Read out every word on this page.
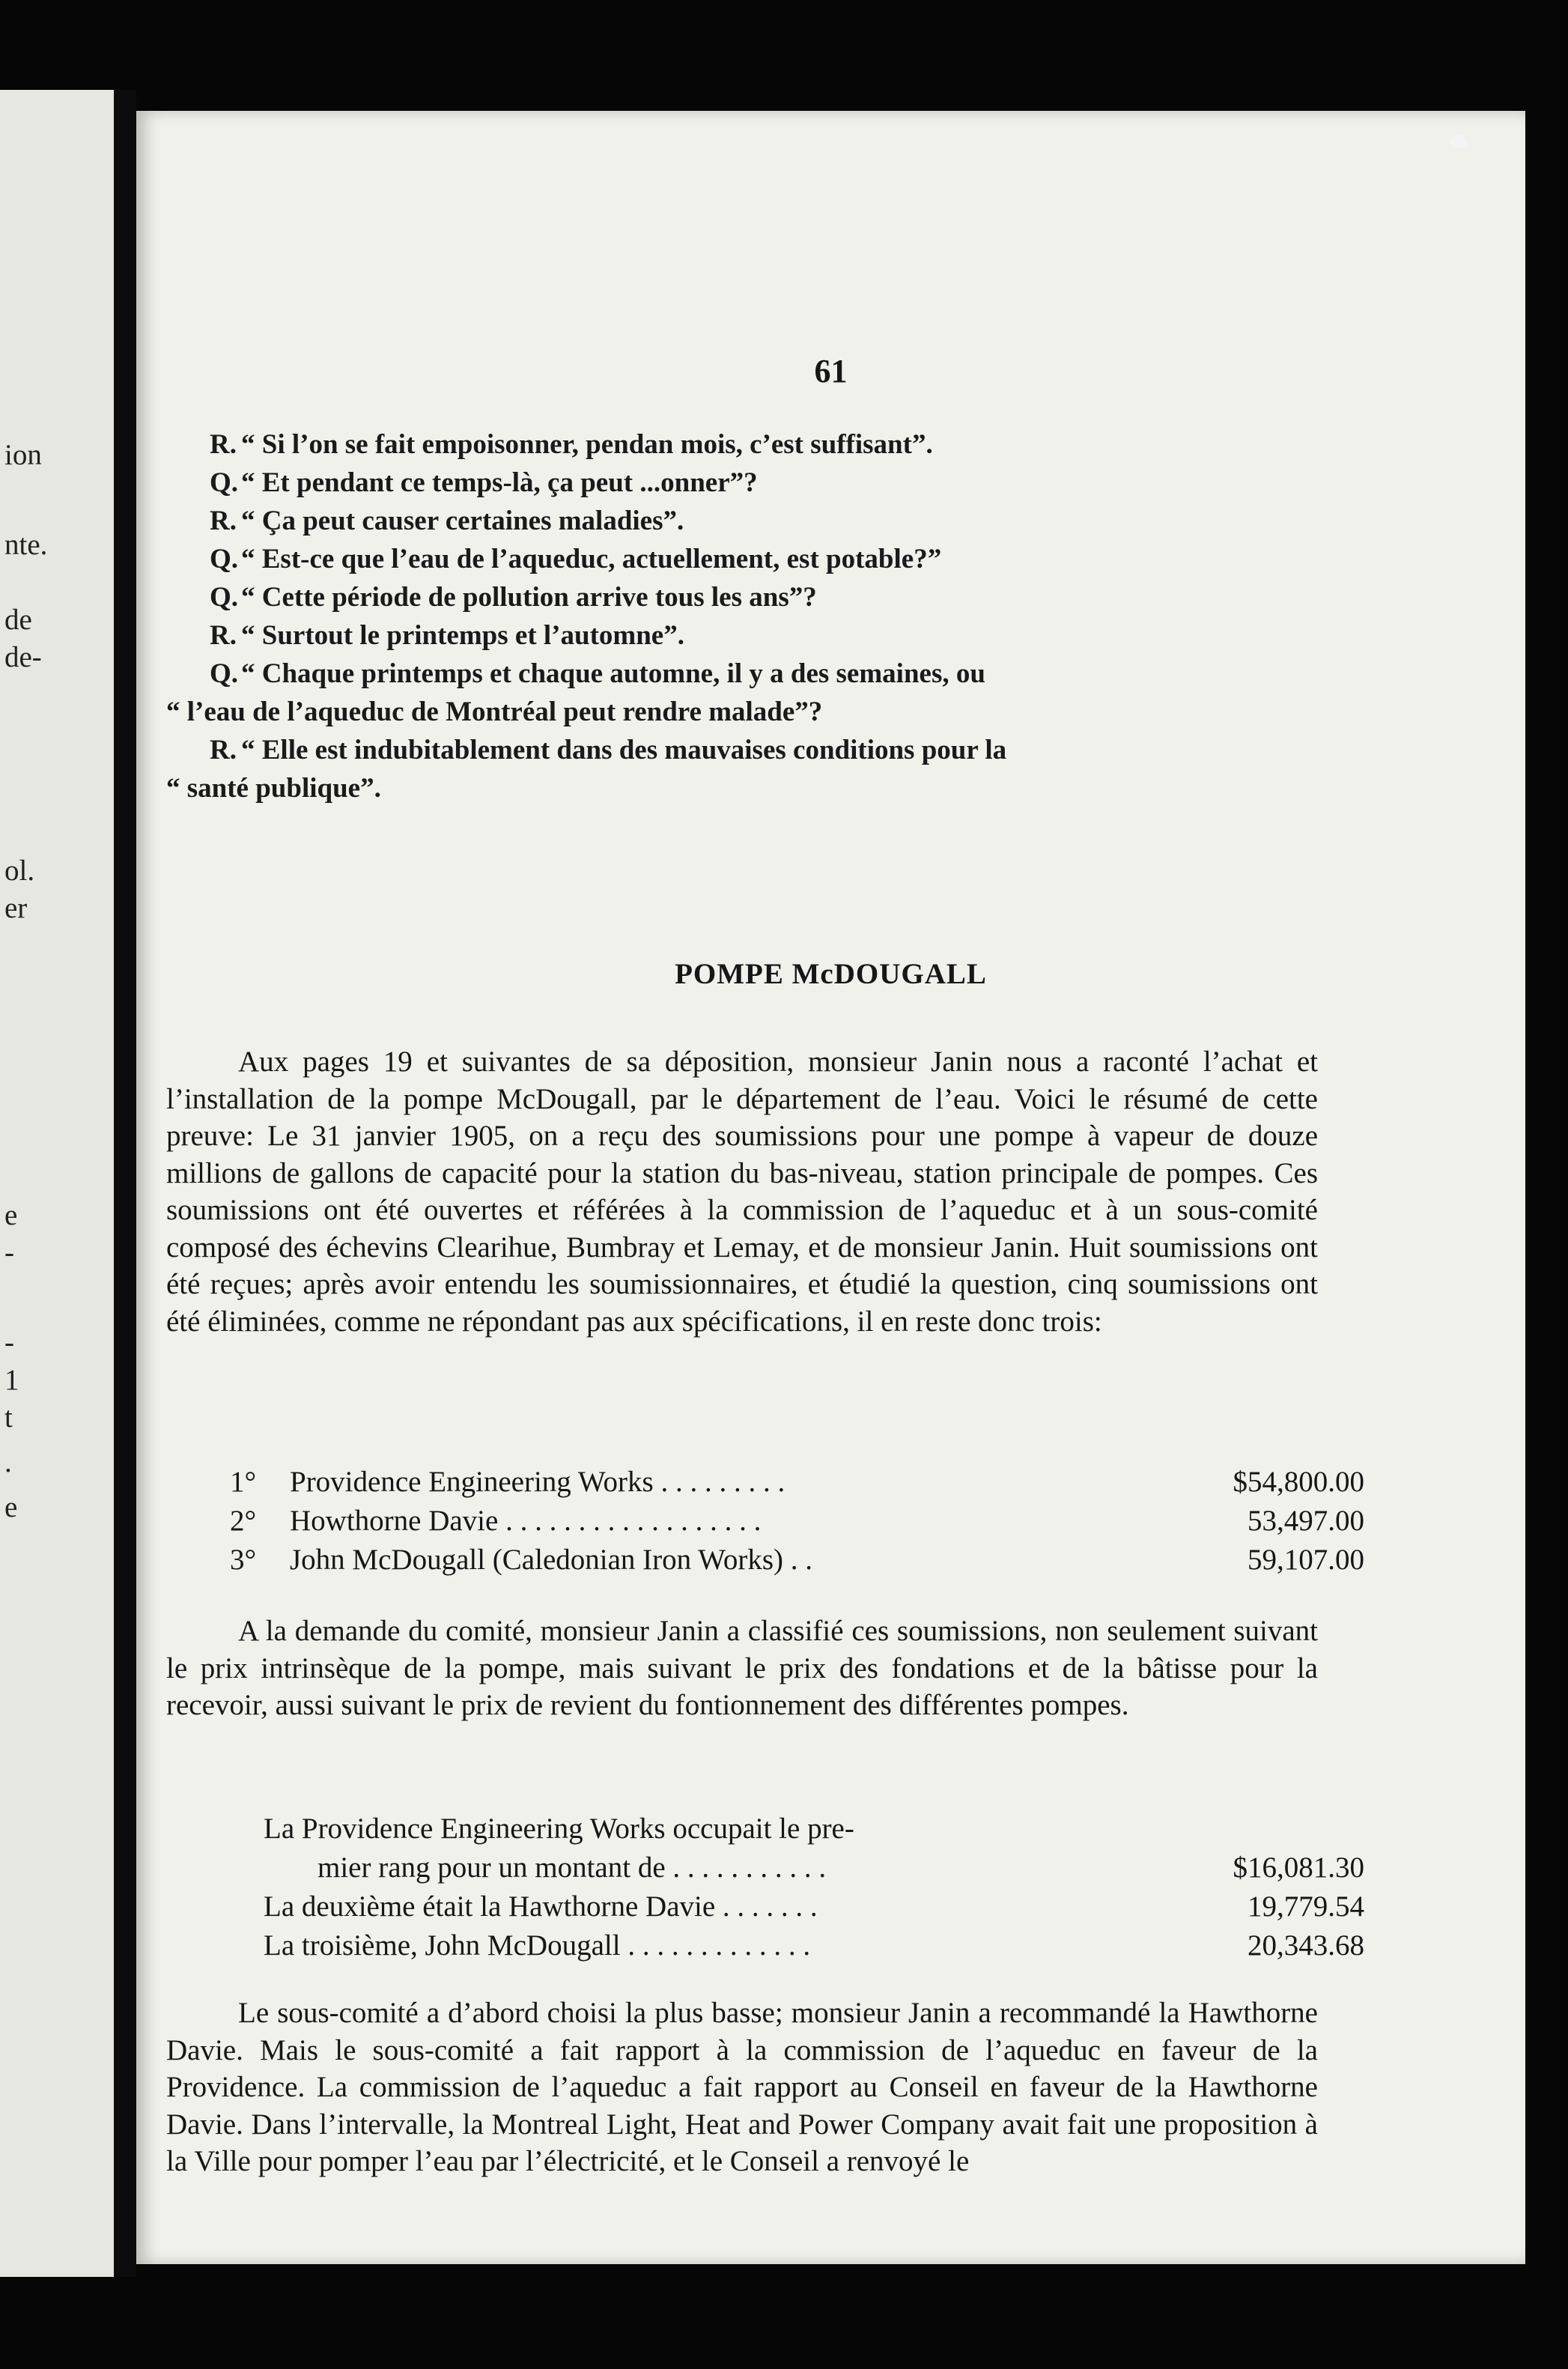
ion
nte.
de
de-
ol.
er
e
-
-
1
t
.
e
61
R. “ Si l’on se fait empoisonner, pendan mois, c’est suffisant”.
Q. “ Et pendant ce temps-là, ça peut ...onner”?
R. “ Ça peut causer certaines maladies”.
Q. “ Est-ce que l’eau de l’aqueduc, actuellement, est potable?”
Q. “ Cette période de pollution arrive tous les ans”?
R. “ Surtout le printemps et l’automne”.
Q. “ Chaque printemps et chaque automne, il y a des semaines, ou
“ l’eau de l’aqueduc de Montréal peut rendre malade”?
R. “ Elle est indubitablement dans des mauvaises conditions pour la
“ santé publique”.
POMPE McDOUGALL

Aux pages 19 et suivantes de sa déposition, monsieur Janin nous a raconté l’achat et l’installation de la pompe McDougall, par le département de l’eau. Voici le résumé de cette preuve: Le 31 janvier 1905, on a reçu des soumissions pour une pompe à vapeur de douze millions de gallons de capacité pour la station du bas-niveau, station principale de pompes. Ces soumissions ont été ouvertes et référées à la commission de l’aqueduc et à un sous-comité composé des échevins Clearihue, Bumbray et Lemay, et de monsieur Janin. Huit soumissions ont été reçues; après avoir entendu les soumissionnaires, et étudié la question, cinq soumissions ont été éliminées, comme ne répondant pas aux spécifications, il en reste donc trois:

1° Providence Engineering Works . . . . . . . . .	$54,800.00
2° Howthorne Davie . . . . . . . . . . . . . . . . . .	53,497.00
3° John McDougall (Caledonian Iron Works) . .	59,107.00

A la demande du comité, monsieur Janin a classifié ces soumissions, non seulement suivant le prix intrinsèque de la pompe, mais suivant le prix des fondations et de la bâtisse pour la recevoir, aussi suivant le prix de revient du fontionnement des différentes pompes.

La Providence Engineering Works occupait le pre-
mier rang pour un montant de . . . . . . . . . . .	$16,081.30
La deuxième était la Hawthorne Davie . . . . . . .	19,779.54
La troisième, John McDougall . . . . . . . . . . . . .	20,343.68

Le sous-comité a d’abord choisi la plus basse; monsieur Janin a recommandé la Hawthorne Davie. Mais le sous-comité a fait rapport à la commission de l’aqueduc en faveur de la Providence. La commission de l’aqueduc a fait rapport au Conseil en faveur de la Hawthorne Davie. Dans l’intervalle, la Montreal Light, Heat and Power Company avait fait une proposition à la Ville pour pomper l’eau par l’électricité, et le Conseil a renvoyé le
